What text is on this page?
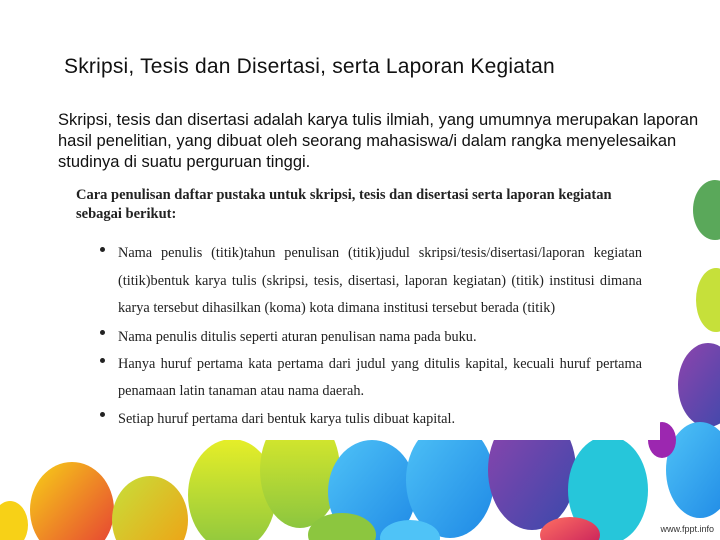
Skripsi, Tesis dan Disertasi, serta Laporan Kegiatan

Skripsi, tesis dan disertasi adalah karya tulis ilmiah, yang umumnya merupakan laporan hasil penelitian, yang dibuat oleh seorang mahasiswa/i dalam rangka menyelesaikan studinya di suatu perguruan tinggi.

Cara penulisan daftar pustaka untuk skripsi, tesis dan disertasi serta laporan kegiatan sebagai berikut:

Nama penulis (titik)tahun penulisan (titik)judul skripsi/tesis/disertasi/laporan kegiatan (titik)bentuk karya tulis (skripsi, tesis, disertasi, laporan kegiatan) (titik) institusi dimana karya tersebut dihasilkan (koma) kota dimana institusi tersebut berada (titik)
Nama penulis ditulis seperti aturan penulisan nama pada buku.
Hanya huruf pertama kata pertama dari judul yang ditulis kapital, kecuali huruf pertama penamaan latin tanaman atau nama daerah.
Setiap huruf pertama dari bentuk karya tulis dibuat kapital.
www.fppt.info
